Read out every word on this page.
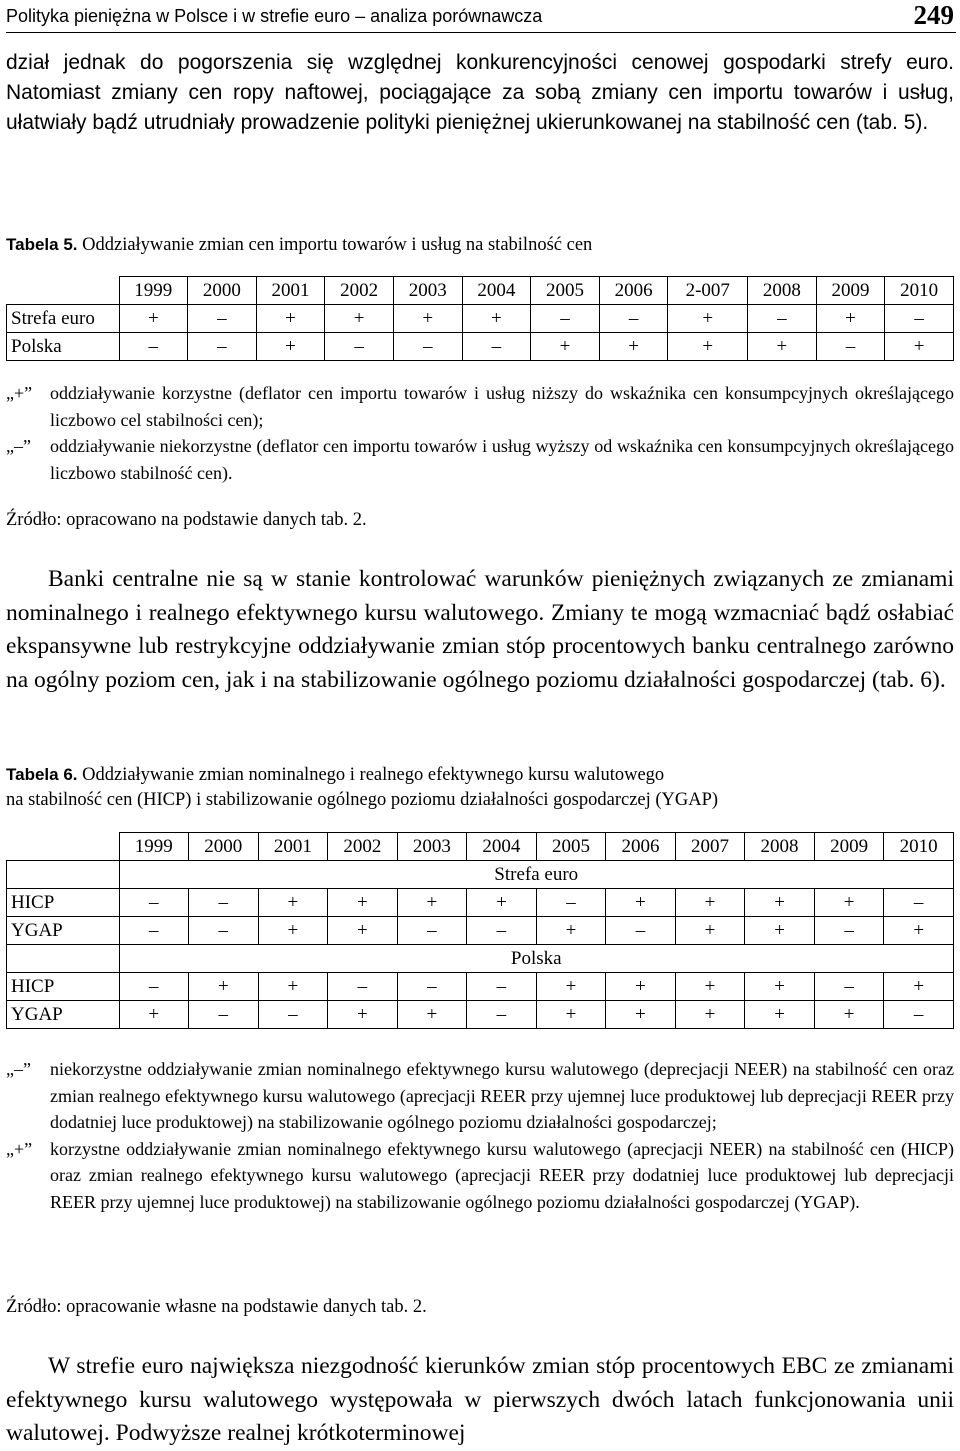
Polityka pieniężna w Polsce i w strefie euro – analiza porównawcza	249

dział jednak do pogorszenia się względnej konkurencyjności cenowej gospodarki strefy euro. Natomiast zmiany cen ropy naftowej, pociągające za sobą zmiany cen importu towarów i usług, ułatwiały bądź utrudniały prowadzenie polityki pieniężnej ukierunkowanej na stabilność cen (tab. 5).

Tabela 5. Oddziaływanie zmian cen importu towarów i usług na stabilność cen

	1999	2000	2001	2002	2003	2004	2005	2006	2-007	2008	2009	2010
Strefa euro	+	–	+	+	+	+	–	–	+	–	+	–
Polska	–	–	+	–	–	–	+	+	+	+	–	+
„+” oddziaływanie korzystne (deflator cen importu towarów i usług niższy do wskaźnika cen konsumpcyjnych określającego liczbowo cel stabilności cen);
„–”	oddziaływanie niekorzystne (deflator cen importu towarów i usług wyższy od wskaźnika cen konsumpcyjnych określającego liczbowo stabilność cen).
Źródło: opracowano na podstawie danych tab. 2.

Banki centralne nie są w stanie kontrolować warunków pieniężnych związanych ze zmianami nominalnego i realnego efektywnego kursu walutowego. Zmiany te mogą wzmacniać bądź osłabiać ekspansywne lub restrykcyjne oddziaływanie zmian stóp procentowych banku centralnego zarówno na ogólny poziom cen, jak i na stabilizowanie ogólnego poziomu działalności gospodarczej (tab. 6).

Tabela 6. Oddziaływanie zmian nominalnego i realnego efektywnego kursu walutowego
na stabilność cen (HICP) i stabilizowanie ogólnego poziomu działalności gospodarczej (YGAP)

	1999	2000	2001	2002	2003	2004	2005	2006	2007	2008	2009	2010
	Strefa euro											
HICP	–	–	+	+	+	+	–	+	+	+	+	–
YGAP	–	–	+	+	–	–	+	–	+	+	–	+
	Polska											
HICP	–	+	+	–	–	–	+	+	+	+	–	+
YGAP	+	–	–	+	+	–	+	+	+	+	+	–
„–”	niekorzystne oddziaływanie zmian nominalnego efektywnego kursu walutowego (deprecjacji NEER) na stabilność cen oraz zmian realnego efektywnego kursu walutowego (aprecjacji REER przy ujemnej luce produktowej lub deprecjacji REER przy dodatniej luce produktowej) na stabilizowanie ogólnego poziomu działalności gospodarczej;
„+” korzystne oddziaływanie zmian nominalnego efektywnego kursu walutowego (aprecjacji NEER) na stabilność cen (HICP) oraz zmian realnego efektywnego kursu walutowego (aprecjacji REER przy dodatniej luce produktowej lub deprecjacji REER przy ujemnej luce produktowej) na stabilizowanie ogólnego poziomu działalności gospodarczej (YGAP).
Źródło: opracowanie własne na podstawie danych tab. 2.

W strefie euro największa niezgodność kierunków zmian stóp procentowych EBC ze zmianami efektywnego kursu walutowego występowała w pierwszych dwóch latach funkcjonowania unii walutowej. Podwyższe realnej krótkoterminowej
